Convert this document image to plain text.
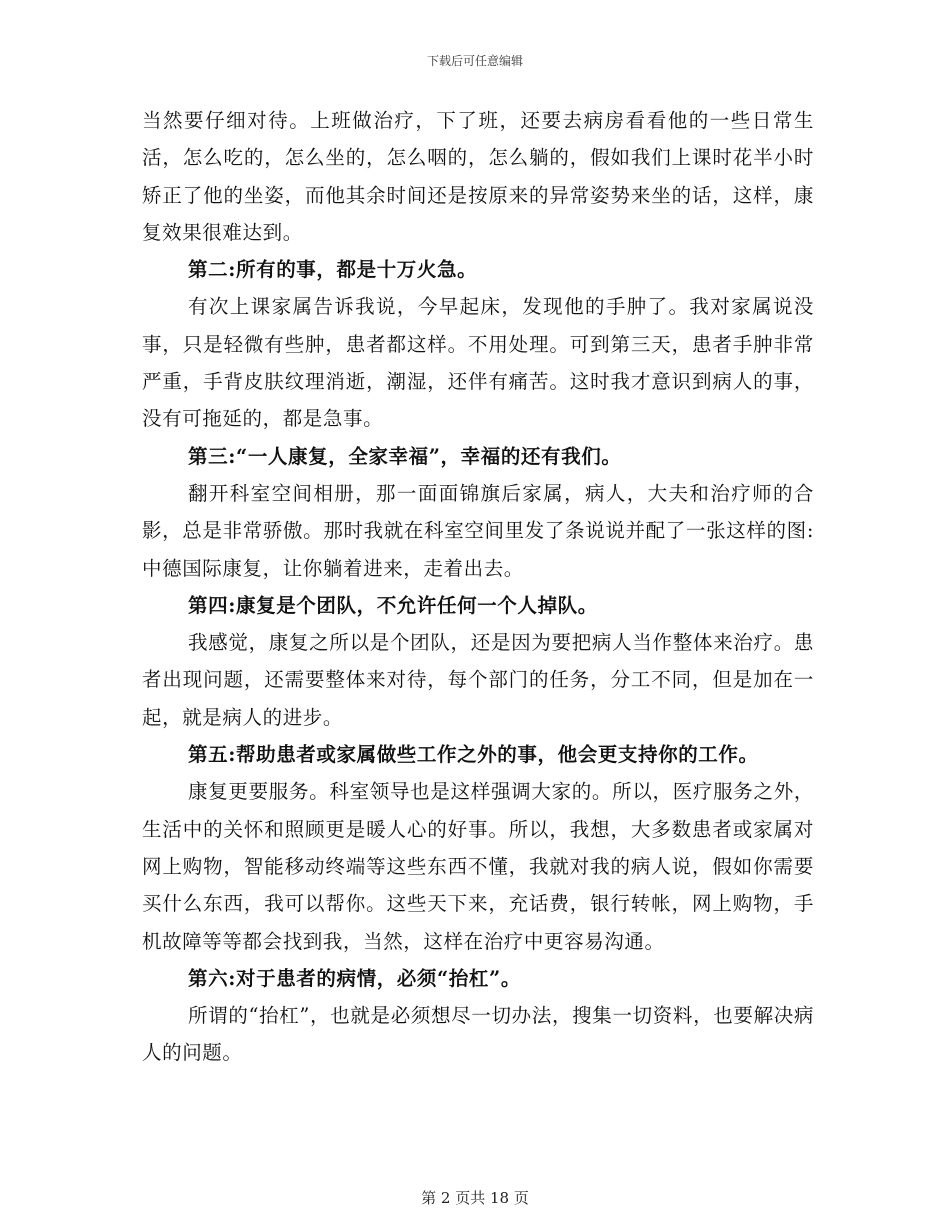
下载后可任意编辑

当然要仔细对待。上班做治疗，下了班，还要去病房看看他的一些日常生活，怎么吃的，怎么坐的，怎么咽的，怎么躺的，假如我们上课时花半小时矫正了他的坐姿，而他其余时间还是按原来的异常姿势来坐的话，这样，康复效果很难达到。

第二:所有的事，都是十万火急。

有次上课家属告诉我说，今早起床，发现他的手肿了。我对家属说没事，只是轻微有些肿，患者都这样。不用处理。可到第三天，患者手肿非常严重，手背皮肤纹理消逝，潮湿，还伴有痛苦。这时我才意识到病人的事，没有可拖延的，都是急事。

第三:“一人康复，全家幸福”，幸福的还有我们。

翻开科室空间相册，那一面面锦旗后家属，病人，大夫和治疗师的合影，总是非常骄傲。那时我就在科室空间里发了条说说并配了一张这样的图:中德国际康复，让你躺着进来，走着出去。

第四:康复是个团队，不允许任何一个人掉队。

我感觉，康复之所以是个团队，还是因为要把病人当作整体来治疗。患者出现问题，还需要整体来对待，每个部门的任务，分工不同，但是加在一起，就是病人的进步。

第五:帮助患者或家属做些工作之外的事，他会更支持你的工作。

康复更要服务。科室领导也是这样强调大家的。所以，医疗服务之外，生活中的关怀和照顾更是暖人心的好事。所以，我想，大多数患者或家属对网上购物，智能移动终端等这些东西不懂，我就对我的病人说，假如你需要买什么东西，我可以帮你。这些天下来，充话费，银行转帐，网上购物，手机故障等等都会找到我，当然，这样在治疗中更容易沟通。

第六:对于患者的病情，必须“抬杠”。

所谓的“抬杠”，也就是必须想尽一切办法，搜集一切资料，也要解决病人的问题。

第 2 页共 18 页
